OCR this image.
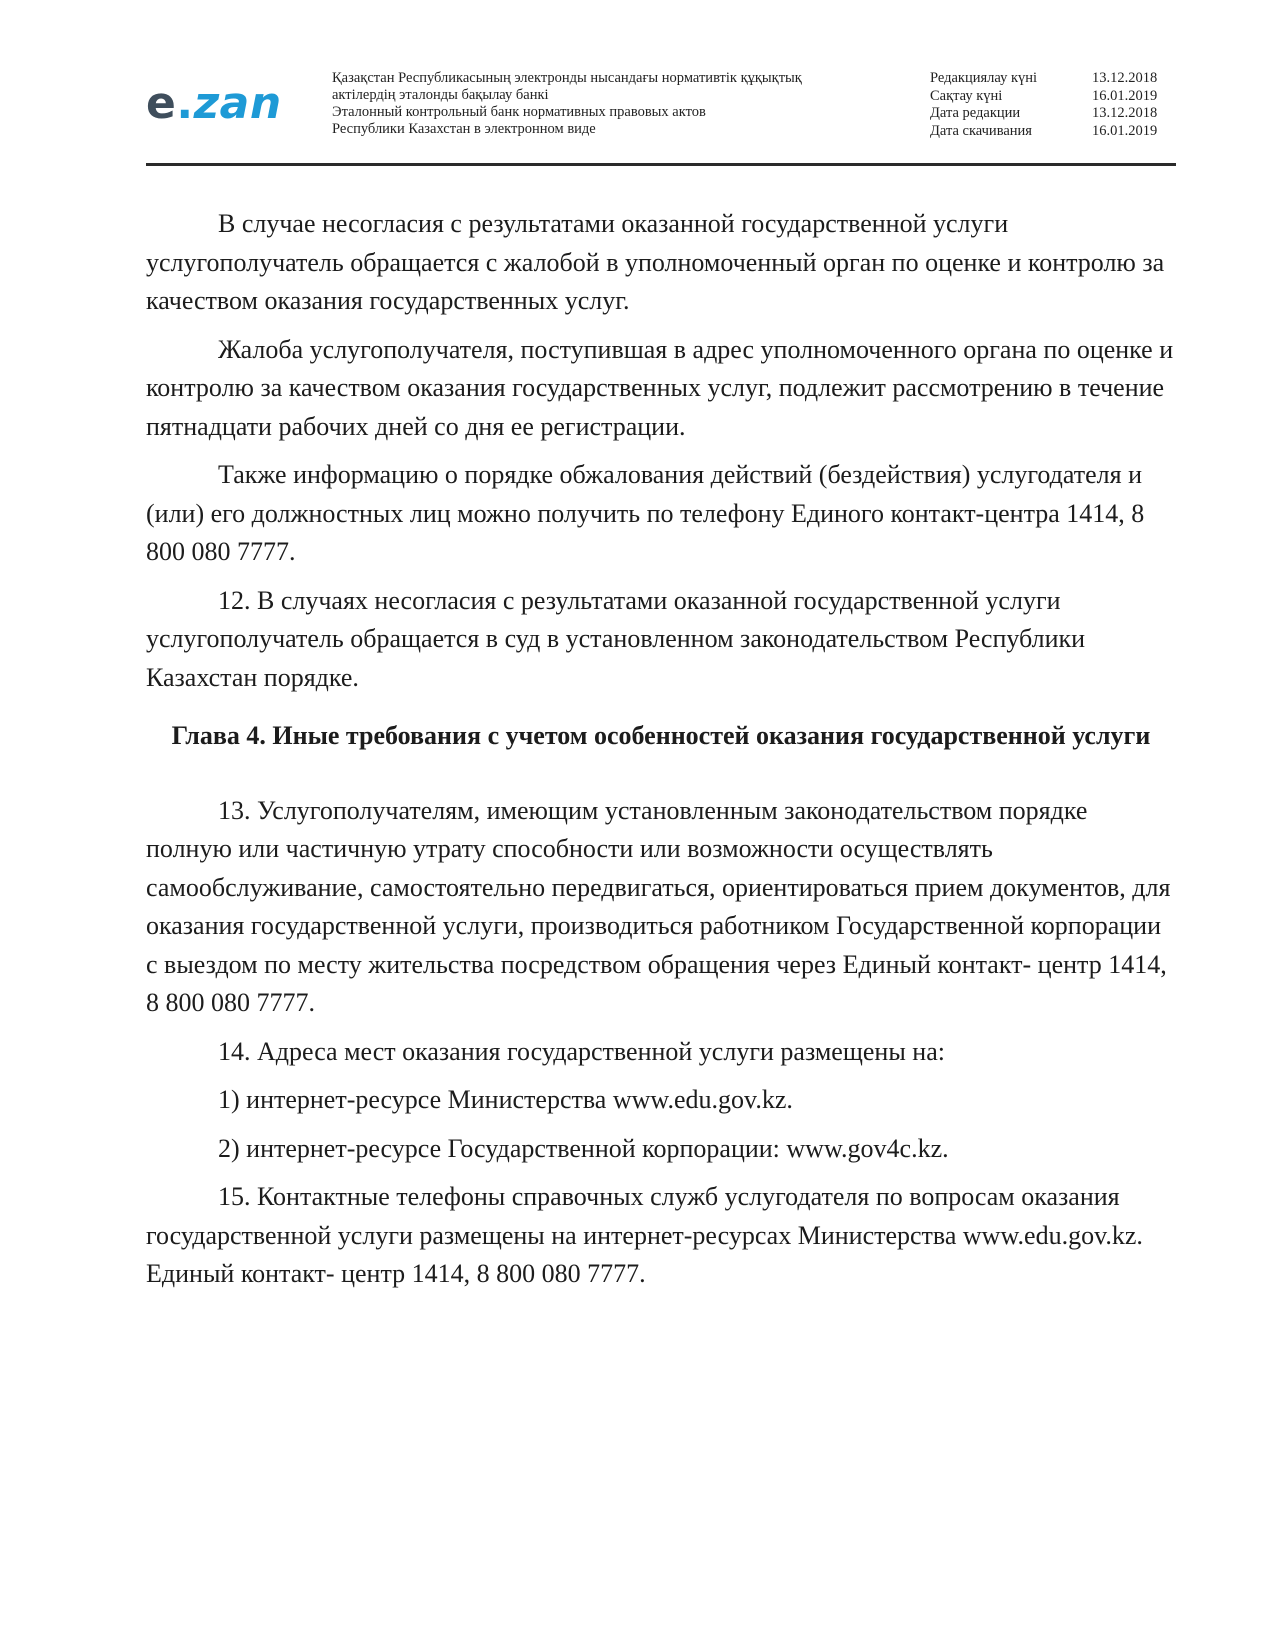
e.zan	Қазақстан Республикасының электронды нысандағы нормативтік құқықтық
актілердің эталонды бақылау банкі
Эталонный контрольный банк нормативных правовых актов
Республики Казахстан в электронном виде
Редакциялау күні	13.12.2018
Сақтау күні	16.01.2019
Дата редакции	13.12.2018
Дата скачивания	16.01.2019

В случае несогласия с результатами оказанной государственной услуги услугополучатель обращается с жалобой в уполномоченный орган по оценке и контролю за качеством оказания государственных услуг.

Жалоба услугополучателя, поступившая в адрес уполномоченного органа по оценке и контролю за качеством оказания государственных услуг, подлежит рассмотрению в течение пятнадцати рабочих дней со дня ее регистрации.

Также информацию о порядке обжалования действий (бездействия) услугодателя и (или) его должностных лиц можно получить по телефону Единого контакт-центра 1414, 8 800 080 7777.

12. В случаях несогласия с результатами оказанной государственной услуги услугополучатель обращается в суд в установленном законодательством Республики Казахстан порядке.

Глава 4. Иные требования с учетом особенностей оказания государственной услуги

13. Услугополучателям, имеющим установленным законодательством порядке полную или частичную утрату способности или возможности осуществлять самообслуживание, самостоятельно передвигаться, ориентироваться прием документов, для оказания государственной услуги, производиться работником Государственной корпорации с выездом по месту жительства посредством обращения через Единый контакт- центр 1414, 8 800 080 7777.

14. Адреса мест оказания государственной услуги размещены на:

1) интернет-ресурсе Министерства www.edu.gov.kz.

2) интернет-ресурсе Государственной корпорации: www.gov4c.kz.

15. Контактные телефоны справочных служб услугодателя по вопросам оказания государственной услуги размещены на интернет-ресурсах Министерства www.edu.gov.kz. Единый контакт- центр 1414, 8 800 080 7777.
